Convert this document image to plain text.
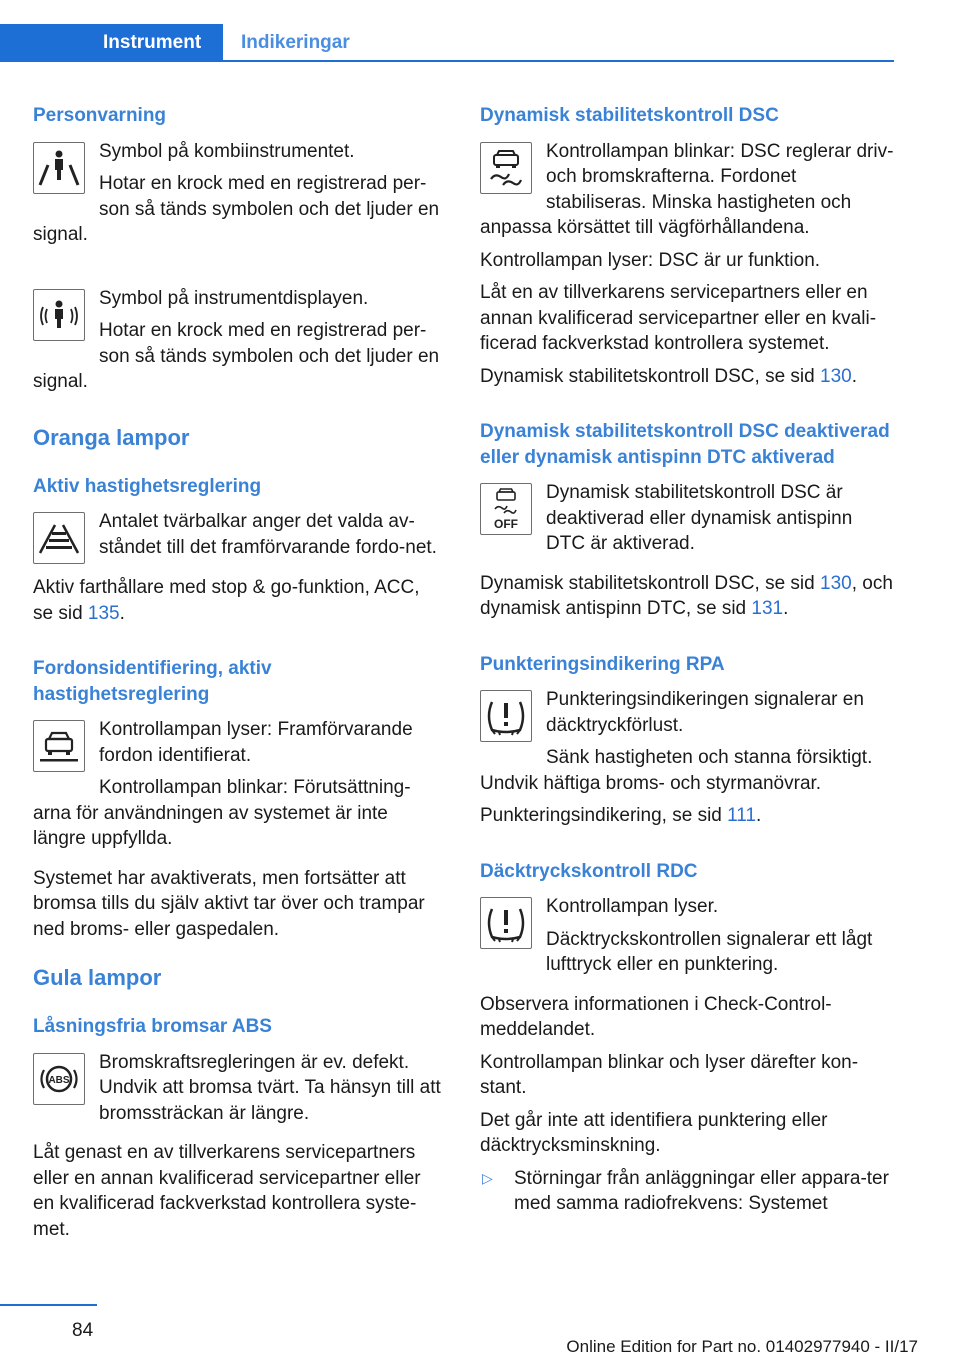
Instrument	Indikeringar
Personvarning

Symbol på kombiinstrumentet.

Hotar en krock med en registrerad per-son så tänds symbolen och det ljuder en signal.

Symbol på instrumentdisplayen.

Hotar en krock med en registrerad per-son så tänds symbolen och det ljuder en signal.

Oranga lampor
Aktiv hastighetsreglering

Antalet tvärbalkar anger det valda av-ståndet till det framförvarande fordo-net.

Aktiv farthållare med stop & go-funktion, ACC, se sid 135.

Fordonsidentifiering, aktiv hastighetsreglering

Kontrollampan lyser: Framförvarande fordon identifierat.

Kontrollampan blinkar: Förutsättning-arna för användningen av systemet är inte längre uppfyllda.

Systemet har avaktiverats, men fortsätter att bromsa tills du själv aktivt tar över och trampar ned broms- eller gaspedalen.

Gula lampor
Låsningsfria bromsar ABS
ABS

Bromskraftsregleringen är ev. defekt. Undvik att bromsa tvärt. Ta hänsyn till att bromssträckan är längre.

Låt genast en av tillverkarens servicepartners eller en annan kvalificerad servicepartner eller en kvalificerad fackverkstad kontrollera syste-met.

Dynamisk stabilitetskontroll DSC

Kontrollampan blinkar: DSC reglerar driv- och bromskrafterna. Fordonet stabiliseras. Minska hastigheten och anpassa körsättet till vägförhållandena.

Kontrollampan lyser: DSC är ur funktion.

Låt en av tillverkarens servicepartners eller en annan kvalificerad servicepartner eller en kvali-ficerad fackverkstad kontrollera systemet.

Dynamisk stabilitetskontroll DSC, se sid 130.

Dynamisk stabilitetskontroll DSC deaktiverad eller dynamisk antispinn DTC aktiverad
OFF

Dynamisk stabilitetskontroll DSC är deaktiverad eller dynamisk antispinn DTC är aktiverad.

Dynamisk stabilitetskontroll DSC, se sid 130, och dynamisk antispinn DTC, se sid 131.

Punkteringsindikering RPA

Punkteringsindikeringen signalerar en däcktryckförlust.

Sänk hastigheten och stanna försiktigt. Undvik häftiga broms- och styrmanövrar.

Punkteringsindikering, se sid 111.

Däcktryckskontroll RDC

Kontrollampan lyser.

Däcktryckskontrollen signalerar ett lågt lufttryck eller en punktering.

Observera informationen i Check-Control-meddelandet.

Kontrollampan blinkar och lyser därefter kon-stant.

Det går inte att identifiera punktering eller däcktrycksminskning.

▷ Störningar från anläggningar eller appara-ter med samma radiofrekvens: Systemet

84
Online Edition for Part no. 01402977940 - II/17
